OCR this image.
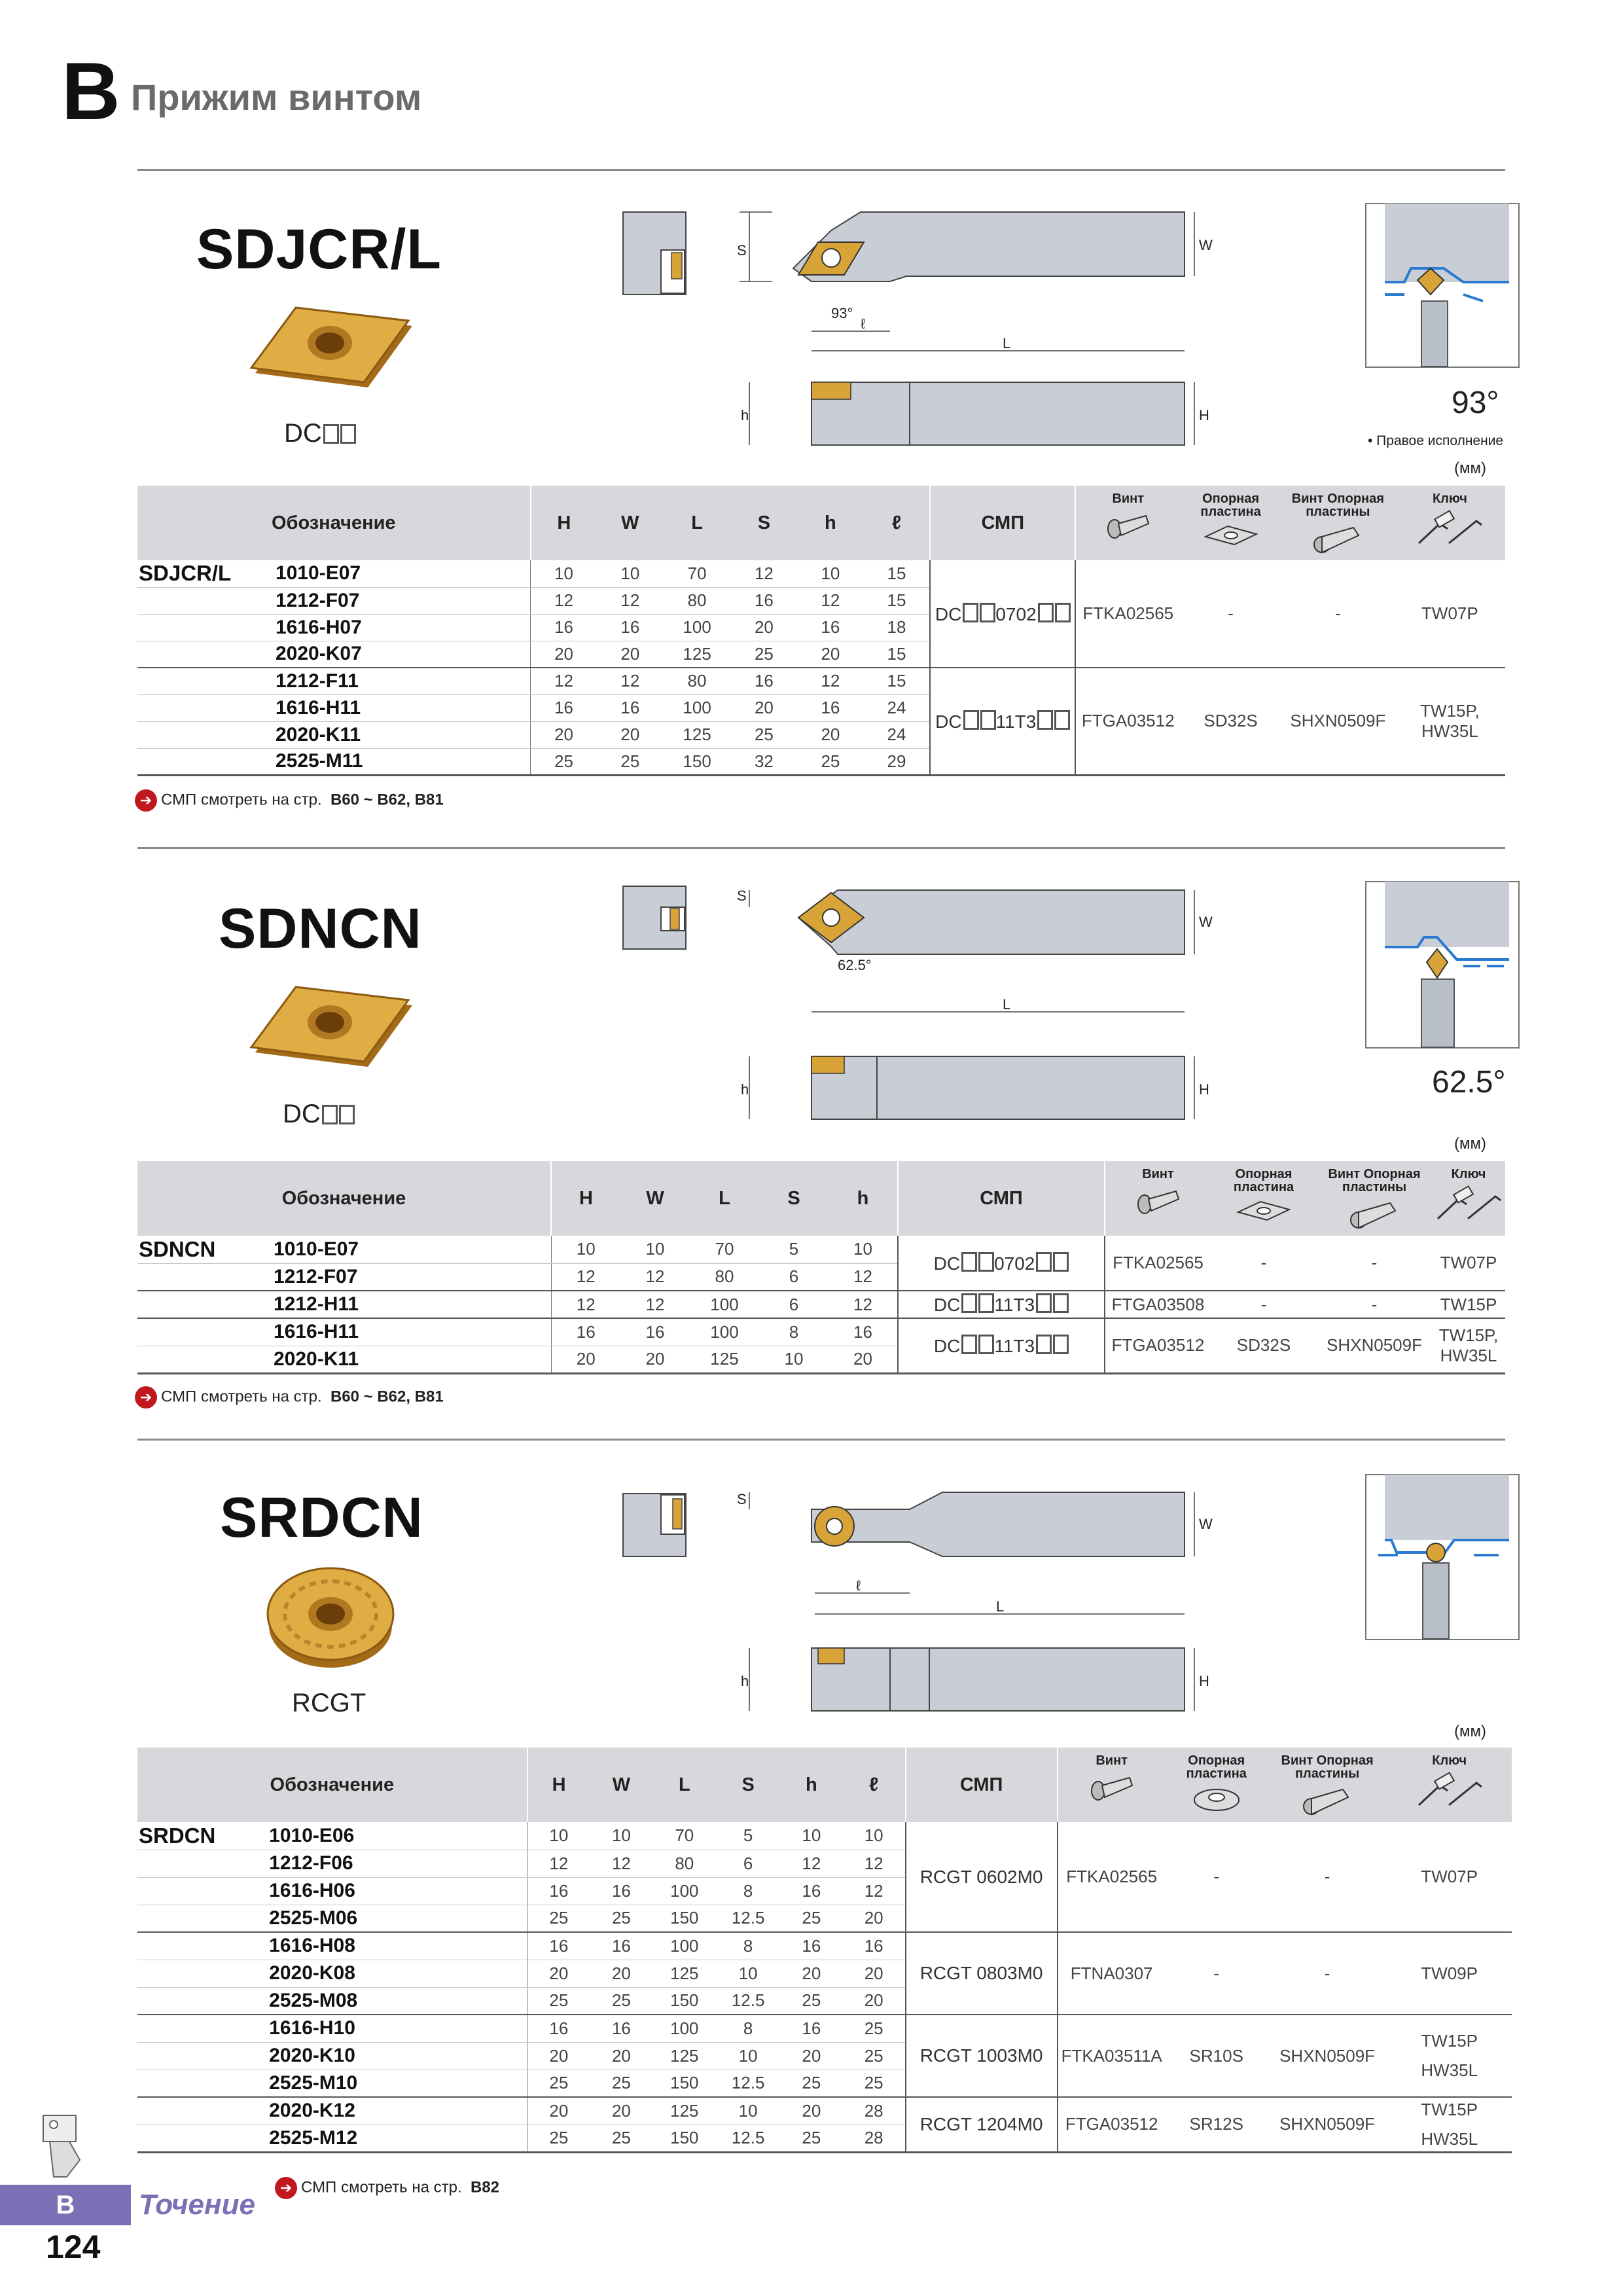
B Прижим винтом
SDJCR/L
DC
S	W
93°
ℓ
L
h	H	93°
• Правое исполнение
(мм)
Обозначение		H	W	L	S	h	ℓ	СМП	Винт	Опорная пластина	Винт Опорная пластины	Ключ

SDJCR/L	1010-E07	10	10	70	12	10	15	DC 0702	FTKA02565	-	-	TW07P
	1212-F07	12	12	80	16	12	15					
	1616-H07	16	16	100	20	16	18					
	2020-K07	20	20	125	25	20	15					
	1212-F11	12	12	80	16	12	15	DC 11T3	FTGA03512	SD32S	SHXN0509F	TW15P, HW35L
	1616-H11	16	16	100	20	16	24					
	2020-K11	20	20	125	25	20	24					
	2525-M11	25	25	150	32	25	29					
➔ СМП смотреть на стр. B60 ~ B62, B81
SDNCN
DC
S
W
62.5°
L
h	H	62.5°
(мм)
Обозначение		H	W	L	S	h	СМП	Винт	Опорная пластина	Винт Опорная пластины	Ключ

SDNCN	1010-E07	10	10	70	5	10	DC 0702	FTKA02565	-	-	TW07P
	1212-F07	12	12	80	6	12					
	1212-H11	12	12	100	6	12	DC 11T3	FTGA03508	-	-	TW15P
	1616-H11	16	16	100	8	16	DC 11T3	FTGA03512	SD32S	SHXN0509F	TW15P, HW35L
	2020-K11	20	20	125	10	20					
➔ СМП смотреть на стр. B60 ~ B62, B81
SRDCN
RCGT
S
W
ℓ
L
h	H
(мм)
Обозначение		H	W	L	S	h	ℓ	СМП	Винт	Опорная пластина	Винт Опорная пластины	Ключ

SRDCN	1010-E06	10	10	70	5	10	10	RCGT 0602M0	FTKA02565	-	-	TW07P

	1212-F06	12	12	80	6	12	12					
	1616-H06	16	16	100	8	16	12					
	2525-M06	25	25	150	12.5	25	20					
	1616-H08	16	16	100	8	16	16	RCGT 0803M0	FTNA0307	-	-	TW09P

	2020-K08	20	20	125	10	20	20					
	2525-M08	25	25	150	12.5	25	20					
	1616-H10	16	16	100	8	16	25	RCGT 1003M0	FTKA03511A	SR10S	SHXN0509F	TW15P
HW35L

	2020-K10	20	20	125	10	20	25					
	2525-M10	25	25	150	12.5	25	25					
	2020-K12	20	20	125	10	20	28	RCGT 1204M0	FTGA03512	SR12S	SHXN0509F	TW15P
HW35L

	2525-M12	25	25	150	12.5	25	28					
➔ СМП смотреть на стр. B82
B	Точение
124
